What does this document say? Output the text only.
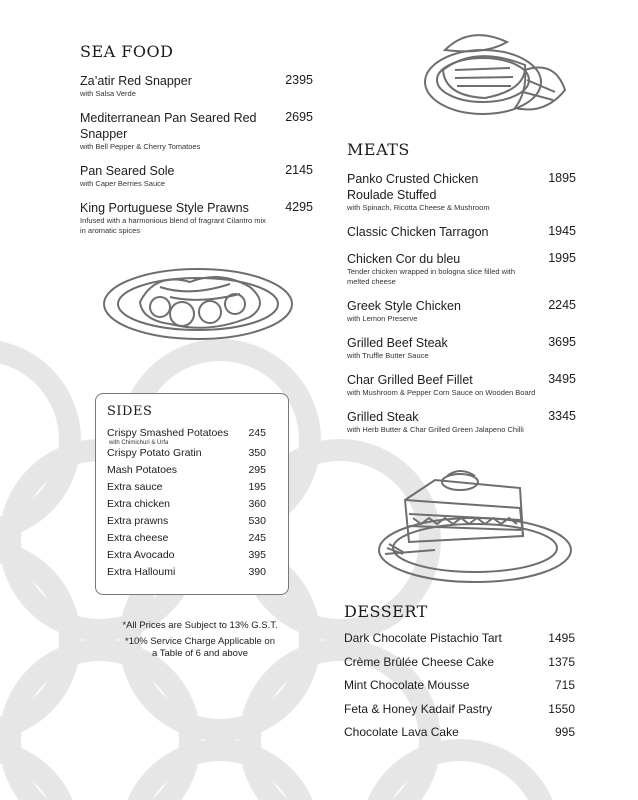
SEA FOOD
Za’atir Red Snapper
with Salsa Verde
2395
Mediterranean Pan Seared Red Snapper
with Bell Pepper & Cherry Tomatoes
2695
Pan Seared Sole
with Caper Berries Sauce
2145
King Portuguese Style Prawns
Infused with a harmonious blend of fragrant Cilantro mix in aromatic spices
4295
MEATS
Panko Crusted Chicken Roulade Stuffed
with Spinach, Ricotta Cheese & Mushroom
1895
Classic Chicken Tarragon	1945
Chicken Cor du bleu
Tender chicken wrapped in bologna slice filled with melted cheese
1995
Greek Style Chicken
with Lemon Preserve
2245
Grilled Beef Steak
with Truffle Butter Sauce
3695
Char Grilled Beef Fillet
with Mushroom & Pepper Corn Sauce on Wooden Board
3495
Grilled Steak
with Herb Butter & Char Grilled Green Jalapeno Chilli
3345
SIDES
Crispy Smashed Potatoes
with Chimichuri & Urfa
245
Crispy Potato Gratin	350
Mash Potatoes	295
Extra sauce	195
Extra chicken	360
Extra prawns	530
Extra cheese	245
Extra Avocado	395
Extra Halloumi	390
*All Prices are Subject to 13% G.S.T.
*10% Service Charge Applicable on a Table of 6 and above
DESSERT
Dark Chocolate Pistachio Tart	1495
Crème Brûlée Cheese Cake	1375
Mint Chocolate Mousse	715
Feta & Honey Kadaif Pastry	1550
Chocolate Lava Cake	995
